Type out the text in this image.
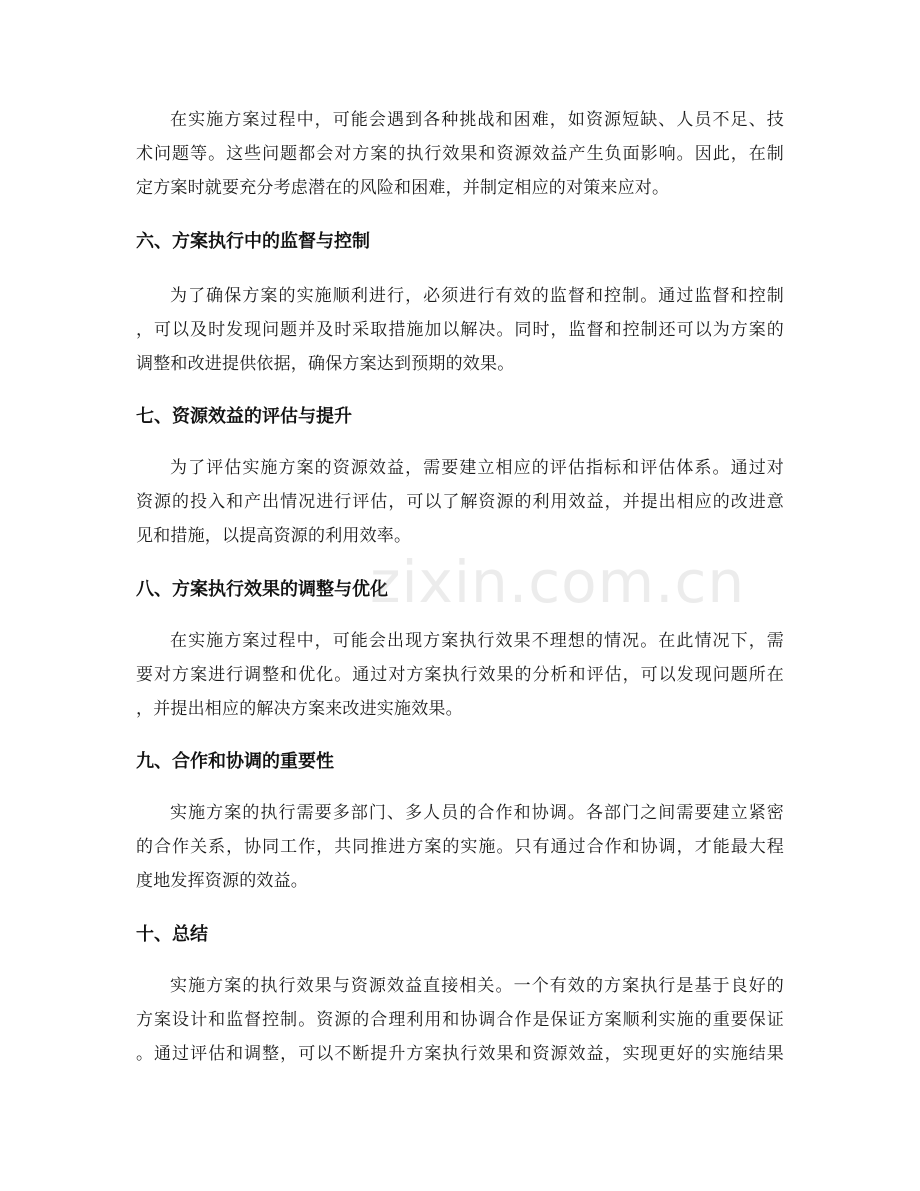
在实施方案过程中，可能会遇到各种挑战和困难，如资源短缺、人员不足、技
术问题等。这些问题都会对方案的执行效果和资源效益产生负面影响。因此，在制
定方案时就要充分考虑潜在的风险和困难，并制定相应的对策来应对。
六、方案执行中的监督与控制
为了确保方案的实施顺利进行，必须进行有效的监督和控制。通过监督和控制
，可以及时发现问题并及时采取措施加以解决。同时，监督和控制还可以为方案的
调整和改进提供依据，确保方案达到预期的效果。
七、资源效益的评估与提升
为了评估实施方案的资源效益，需要建立相应的评估指标和评估体系。通过对
资源的投入和产出情况进行评估，可以了解资源的利用效益，并提出相应的改进意
见和措施，以提高资源的利用效率。
八、方案执行效果的调整与优化
在实施方案过程中，可能会出现方案执行效果不理想的情况。在此情况下，需
要对方案进行调整和优化。通过对方案执行效果的分析和评估，可以发现问题所在
，并提出相应的解决方案来改进实施效果。
九、合作和协调的重要性
实施方案的执行需要多部门、多人员的合作和协调。各部门之间需要建立紧密
的合作关系，协同工作，共同推进方案的实施。只有通过合作和协调，才能最大程
度地发挥资源的效益。
十、总结
实施方案的执行效果与资源效益直接相关。一个有效的方案执行是基于良好的
方案设计和监督控制。资源的合理利用和协调合作是保证方案顺利实施的重要保证
。通过评估和调整，可以不断提升方案执行效果和资源效益，实现更好的实施结果
zixin.com.cn
